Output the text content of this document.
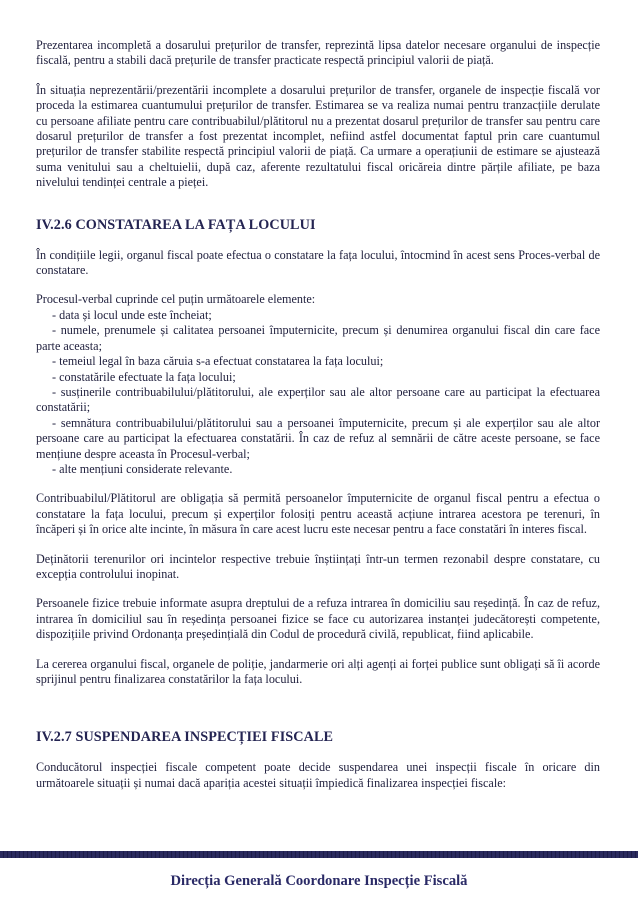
Prezentarea incompletă a dosarului prețurilor de transfer, reprezintă lipsa datelor necesare organului de inspecție fiscală, pentru a stabili dacă prețurile de transfer practicate respectă principiul valorii de piață.

În situația neprezentării/prezentării incomplete a dosarului prețurilor de transfer, organele de inspecție fiscală vor proceda la estimarea cuantumului prețurilor de transfer. Estimarea se va realiza numai pentru tranzacțiile derulate cu persoane afiliate pentru care contribuabilul/plătitorul nu a prezentat dosarul prețurilor de transfer sau pentru care dosarul prețurilor de transfer a fost prezentat incomplet, nefiind astfel documentat faptul prin care cuantumul prețurilor de transfer stabilite respectă principiul valorii de piață. Ca urmare a operațiunii de estimare se ajustează suma venitului sau a cheltuielii, după caz, aferente rezultatului fiscal oricăreia dintre părțile afiliate, pe baza nivelului tendinței centrale a pieței.

IV.2.6 CONSTATAREA LA FAȚA LOCULUI

În condițiile legii, organul fiscal poate efectua o constatare la fața locului, întocmind în acest sens Proces-verbal de constatare.

Procesul-verbal cuprinde cel puțin următoarele elemente:

- data și locul unde este încheiat;

- numele, prenumele și calitatea persoanei împuternicite, precum și denumirea organului fiscal din care face parte aceasta;

- temeiul legal în baza căruia s-a efectuat constatarea la fața locului;

- constatările efectuate la fața locului;

- susținerile contribuabilului/plătitorului, ale experților sau ale altor persoane care au participat la efectuarea constatării;

- semnătura contribuabilului/plătitorului sau a persoanei împuternicite, precum și ale experților sau ale altor persoane care au participat la efectuarea constatării. În caz de refuz al semnării de către aceste persoane, se face mențiune despre aceasta în Procesul-verbal;

- alte mențiuni considerate relevante.

Contribuabilul/Plătitorul are obligația să permită persoanelor împuternicite de organul fiscal pentru a efectua o constatare la fața locului, precum și experților folosiți pentru această acțiune intrarea acestora pe terenuri, în încăperi și în orice alte incinte, în măsura în care acest lucru este necesar pentru a face constatări în interes fiscal.

Deținătorii terenurilor ori incintelor respective trebuie înștiințați într-un termen rezonabil despre constatare, cu excepția controlului inopinat.

Persoanele fizice trebuie informate asupra dreptului de a refuza intrarea în domiciliu sau reședință. În caz de refuz, intrarea în domiciliul sau în reședința persoanei fizice se face cu autorizarea instanței judecătorești competente, dispozițiile privind Ordonanța președințială din Codul de procedură civilă, republicat, fiind aplicabile.

La cererea organului fiscal, organele de poliție, jandarmerie ori alți agenți ai forței publice sunt obligați să îi acorde sprijinul pentru finalizarea constatărilor la fața locului.

IV.2.7 SUSPENDAREA INSPECȚIEI FISCALE

Conducătorul inspecției fiscale competent poate decide suspendarea unei inspecții fiscale în oricare din următoarele situații și numai dacă apariția acestei situații împiedică finalizarea inspecției fiscale:

Direcția Generală Coordonare Inspecție Fiscală
